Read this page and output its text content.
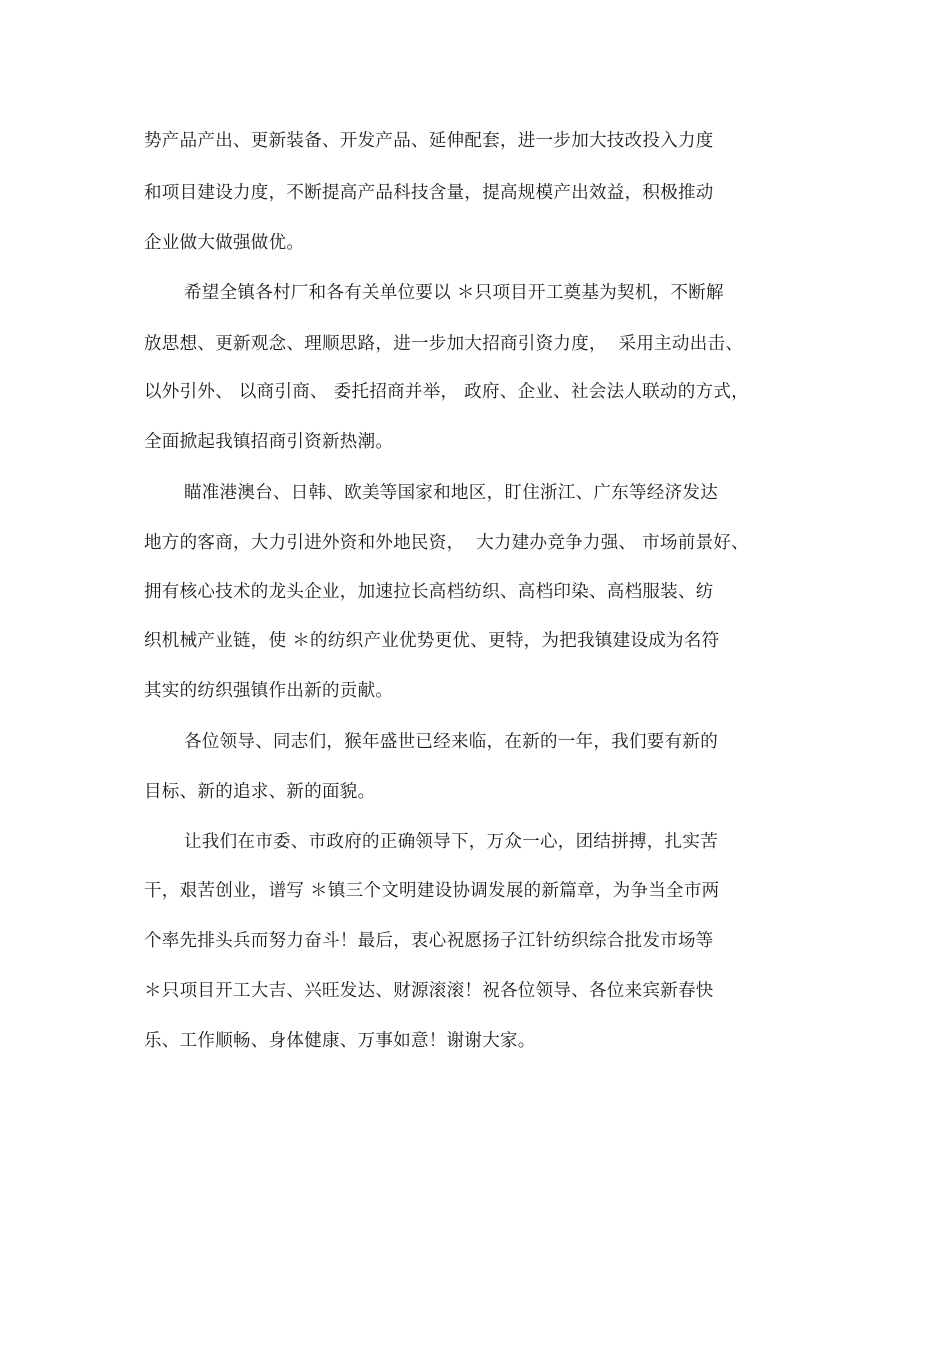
势产品产出、更新装备、开发产品、延伸配套，进一步加大技改投入力度
和项目建设力度，不断提高产品科技含量，提高规模产出效益，积极推动
企业做大做强做优。
希望全镇各村厂和各有关单位要以 ＊只项目开工奠基为契机，不断解
放思想、更新观念、理顺思路，进一步加大招商引资力度，  采用主动出击、
以外引外、 以商引商、 委托招商并举， 政府、企业、社会法人联动的方式，
全面掀起我镇招商引资新热潮。
瞄准港澳台、日韩、欧美等国家和地区，盯住浙江、广东等经济发达
地方的客商，大力引进外资和外地民资，  大力建办竞争力强、 市场前景好、
拥有核心技术的龙头企业，加速拉长高档纺织、高档印染、高档服装、纺
织机械产业链，使 ＊的纺织产业优势更优、更特，为把我镇建设成为名符
其实的纺织强镇作出新的贡献。
各位领导、同志们，猴年盛世已经来临，在新的一年，我们要有新的
目标、新的追求、新的面貌。
让我们在市委、市政府的正确领导下，万众一心，团结拼搏，扎实苦
干，艰苦创业，谱写 ＊镇三个文明建设协调发展的新篇章，为争当全市两
个率先排头兵而努力奋斗！最后，衷心祝愿扬子江针纺织综合批发市场等
＊只项目开工大吉、兴旺发达、财源滚滚！祝各位领导、各位来宾新春快
乐、工作顺畅、身体健康、万事如意！谢谢大家。
